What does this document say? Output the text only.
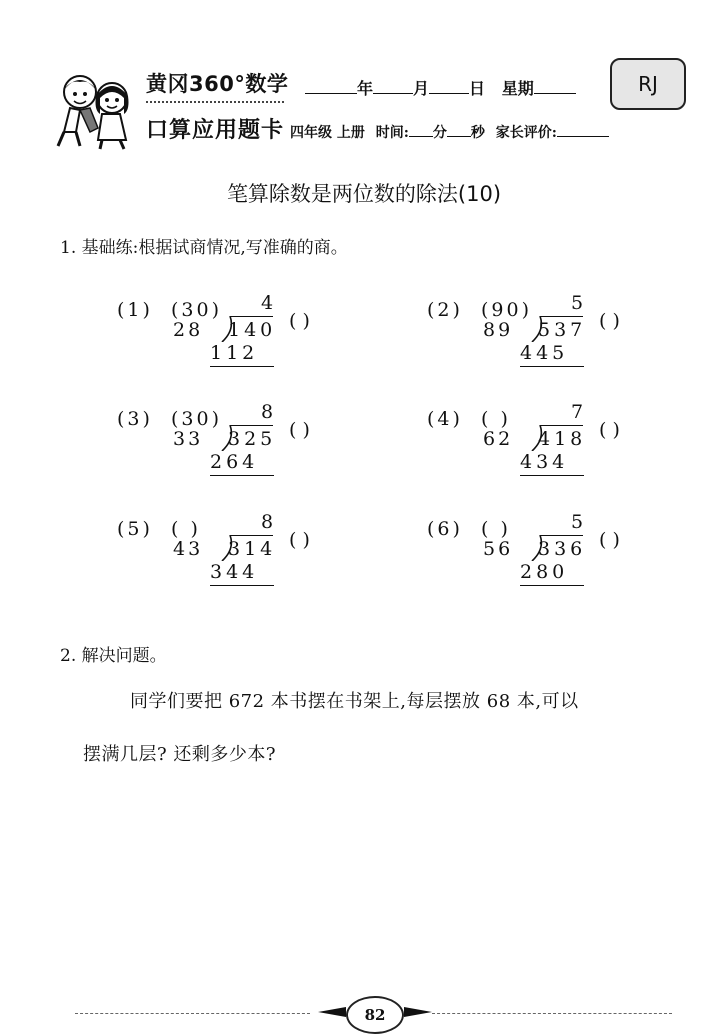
黄冈360°数学
口算应用题卡
年	月	日 星期	RJ
四年级 上册 时间: 分 秒 家长评价:
笔算除数是两位数的除法(10)
1. 基础练:根据试商情况,写准确的商。
(1) (30) 4
28 140
112
( )	(2) (90) 5
89 537
445
( )
(3) (30) 8
33 325
264
( )	(4) ( )	7
62 418
434
( )
(5) ( )	8
43 314
344
( )	(6) ( )	5
56 336
280
( )
2. 解决问题。
同学们要把 672 本书摆在书架上,每层摆放 68 本,可以
摆满几层? 还剩多少本?
82
